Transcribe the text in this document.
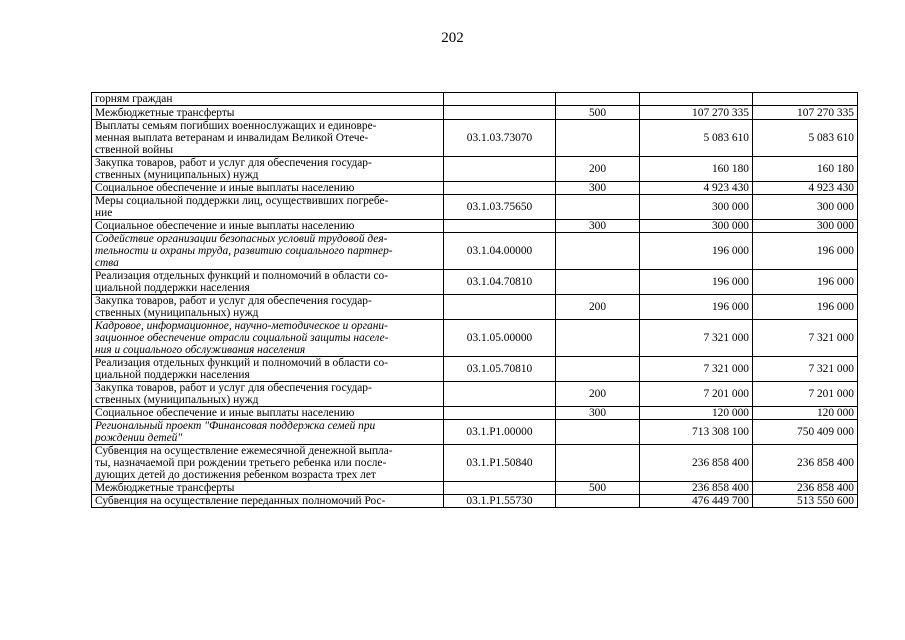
202
горням граждан				

Межбюджетные трансферты		500	107 270 335	107 270 335

Выплаты семьям погибших военнослужащих и единовре-
менная выплата ветеранам и инвалидам Великой Отече-
ственной войны	03.1.03.73070		5 083 610	5 083 610

Закупка товаров, работ и услуг для обеспечения государ-
ственных (муниципальных) нужд		200	160 180	160 180

Социальное обеспечение и иные выплаты населению		300	4 923 430	4 923 430

Меры социальной поддержки лиц, осуществивших погребе-
ние	03.1.03.75650		300 000	300 000

Социальное обеспечение и иные выплаты населению		300	300 000	300 000

Содействие организации безопасных условий трудовой дея-
тельности и охраны труда, развитию социального партнер-
ства	03.1.04.00000		196 000	196 000

Реализация отдельных функций и полномочий в области со-
циальной поддержки населения	03.1.04.70810		196 000	196 000

Закупка товаров, работ и услуг для обеспечения государ-
ственных (муниципальных) нужд		200	196 000	196 000

Кадровое, информационное, научно-методическое и органи-
зационное обеспечение отрасли социальной защиты населе-
ния и социального обслуживания населения	03.1.05.00000		7 321 000	7 321 000

Реализация отдельных функций и полномочий в области со-
циальной поддержки населения	03.1.05.70810		7 321 000	7 321 000

Закупка товаров, работ и услуг для обеспечения государ-
ственных (муниципальных) нужд		200	7 201 000	7 201 000

Социальное обеспечение и иные выплаты населению		300	120 000	120 000

Региональный проект "Финансовая поддержка семей при
рождении детей"	03.1.Р1.00000		713 308 100	750 409 000

Субвенция на осуществление ежемесячной денежной выпла-
ты, назначаемой при рождении третьего ребенка или после-
дующих детей до достижения ребенком возраста трех лет	03.1.Р1.50840		236 858 400	236 858 400

Межбюджетные трансферты		500	236 858 400	236 858 400

Субвенция на осуществление переданных полномочий Рос-	03.1.Р1.55730		476 449 700	513 550 600
